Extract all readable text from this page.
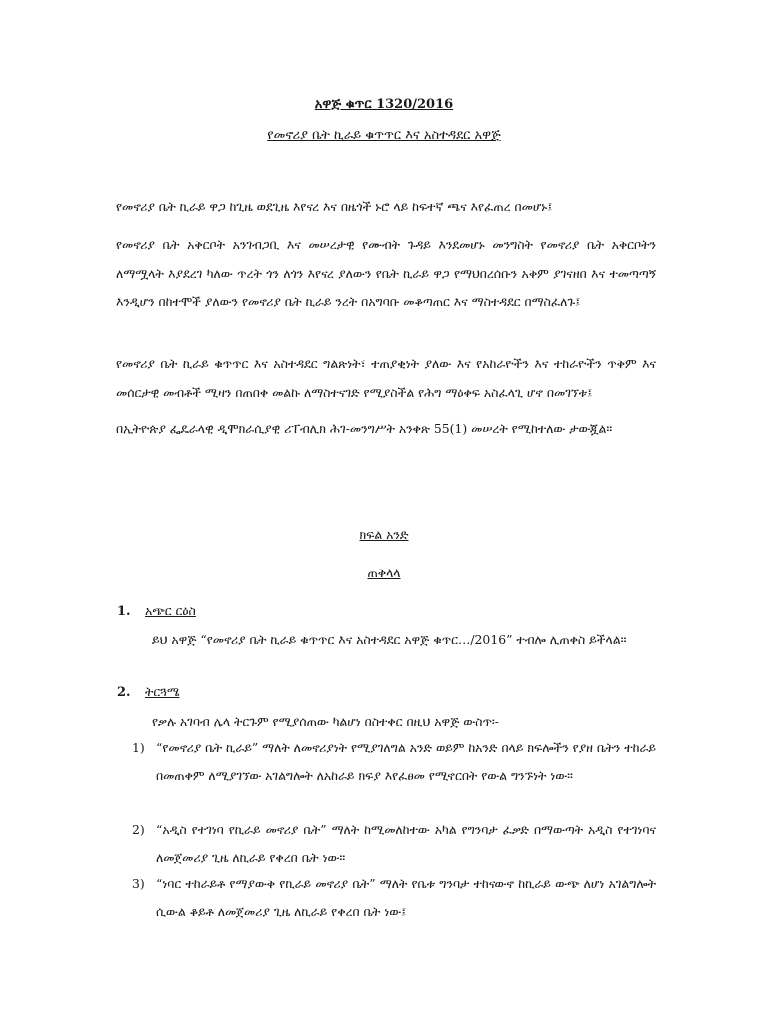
አዋጅ ቁጥር 1320/2016

የመኖሪያ ቤት ኪራይ ቁጥጥር እና አስተዳደር አዋጅ

የመኖሪያ ቤት ኪራይ ዋጋ ከጊዜ ወደጊዜ እየናረ እና በዜጎች ኑሮ ላይ ከፍተኛ ጫና እየፈጠረ በመሆኑ፤

የመኖሪያ ቤት አቅርቦት አንገብጋቢ እና መሠረታዊ የሙብት ጉዳይ እንደመሆኑ መንግስት የመኖሪያ ቤት አቅርቦትን ለማሟላት እያደረገ ካለው ጥረት ጎን ለጎን እየናረ ያለውን የቤት ኪራይ ዋጋ የማህበረሰቡን አቅም ያገናዘበ እና ተመጣጣኝ እንዲሆን በከተሞች ያለውን የመኖሪያ ቤት ኪራይ ንረት በአግባቡ መቆጣጠር እና ማስተዳደር በማስፈለጉ፤

የመኖሪያ ቤት ኪራይ ቁጥጥር እና አስተዳደር ግልጽነት፣ ተጠያቂነት ያለው እና የአከራዮችን እና ተከራዮችን ጥቅም እና መሰርታዊ መብቶች ሚዛን በጠበቀ መልኩ ለማስተናገድ የሚያስችል የሕግ ማዕቀፍ አስፈላጊ ሆኖ በመገኘቱ፤

በኢትዮጵያ ፌዴራላዊ ዲሞክራሲያዊ ሪፐብሊክ ሕገ-መንግሥት አንቀጽ 55(1) መሠረት የሚከተለው ታውጇል።

ክፍል አንድ

ጠቅላላ

1. አጭር ርዕስ

ይህ አዋጅ “የመኖሪያ ቤት ኪራይ ቁጥጥር እና አስተዳደር አዋጅ ቁጥር…/2016” ተብሎ ሊጠቀስ ይችላል።

2. ትርጓሜ

የቃሉ አገባብ ሌላ ትርጉም የሚያሰጠው ካልሆነ በስተቀር በዚህ አዋጅ ውስጥ፡-

1) “የመኖሪያ ቤት ኪራይ” ማለት ለመኖሪያነት የሚያገለግል አንድ ወይም ከአንድ በላይ ክፍሎችን የያዘ ቤትን ተከራይ በመጠቀም ለሚያገኘው አገልግሎት ለአከራይ ክፍያ እየፈፀመ የሚኖርበት የውል ግንኙነት ነው።
2) “አዲስ የተገነባ የኪራይ መኖሪያ ቤት” ማለት ከሚመለከተው አካል የግንባታ ፈቃድ በማውጣት አዲስ የተገነባና ለመጀመሪያ ጊዜ ለኪራይ የቀረበ ቤት ነው።
3) “ነባር ተከራይቶ የማያውቅ የኪራይ መኖሪያ ቤት” ማለት የቤቱ ግንባታ ተከናውኖ ከኪራይ ውጭ ለሆነ አገልግሎት ሲውል ቆይቶ ለመጀመሪያ ጊዜ ለኪራይ የቀረበ ቤት ነው፤
